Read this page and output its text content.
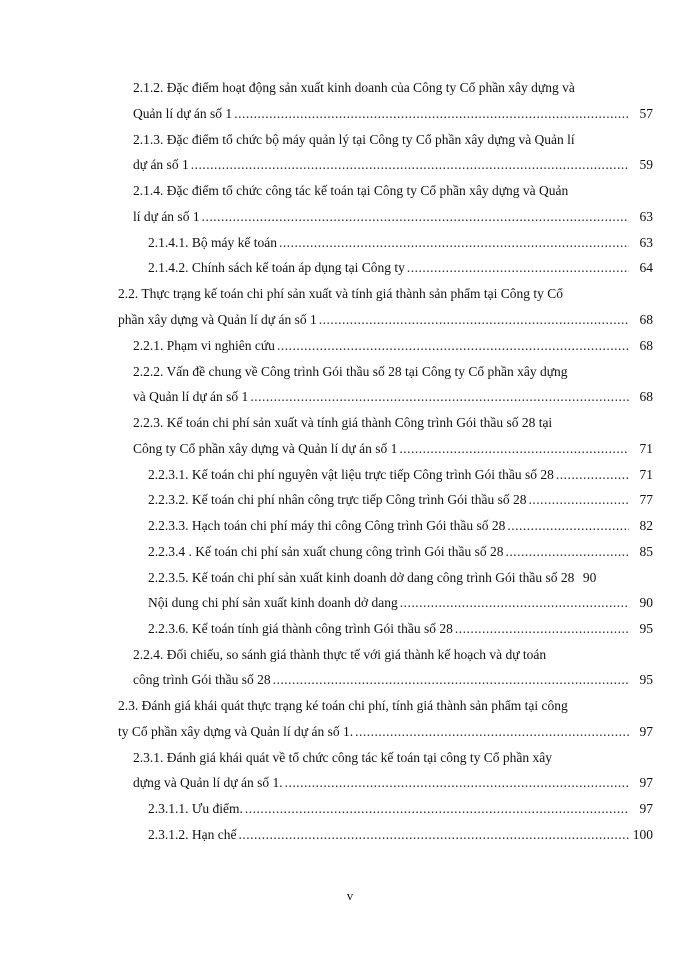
2.1.2. Đặc điểm hoạt động sản xuất kinh doanh của Công ty Cổ phần xây dựng và
Quản lí dự án số 1 .....	57
2.1.3. Đặc điểm tổ chức bộ máy quản lý tại Công ty Cổ phần xây dựng và Quản lí
dự án số 1 .....	59
2.1.4. Đặc điểm tổ chức công tác kế toán tại Công ty Cổ phần xây dựng và Quản
lí dự án số 1 .....	63
2.1.4.1. Bộ máy kế toán .....	63
2.1.4.2. Chính sách kế toán áp dụng tại Công ty .....	64
2.2. Thực trạng kế toán chi phí sản xuất và tính giá thành sản phẩm tại Công ty Cổ
phần xây dựng và Quản lí dự án số 1 .....	68
2.2.1. Phạm vi nghiên cứu .....	68
2.2.2. Vấn đề chung về Công trình Gói thầu số 28 tại Công ty Cổ phần xây dựng
và Quản lí dự án số 1 .....	68
2.2.3. Kế toán chi phí sản xuất và tính giá thành Công trình Gói thầu số 28 tại
Công ty Cổ phần xây dựng và Quản lí dự án số 1 .....	71
2.2.3.1. Kế toán chi phí nguyên vật liệu trực tiếp Công trình Gói thầu số 28 .....	71
2.2.3.2. Kế toán chi phí nhân công trực tiếp Công trình Gói thầu số 28 .....	77
2.2.3.3. Hạch toán chi phí máy thi công Công trình Gói thầu số 28 .....	82
2.2.3.4 . Kế toán chi phí sản xuất chung công trình Gói thầu số 28 .....	85
2.2.3.5. Kế toán chi phí sản xuất kinh doanh dở dang công trình Gói thầu số 28 90
Nội dung chi phí sản xuất kinh doanh dở dang .....	90
2.2.3.6. Kế toán tính giá thành công trình Gói thầu số 28 .....	95
2.2.4. Đối chiếu, so sánh giá thành thực tế với giá thành kế hoạch và dự toán
công trình Gói thầu số 28 .....	95
2.3. Đánh giá khái quát thực trạng ké toán chi phí, tính giá thành sản phẩm tại công
ty Cổ phần xây dựng và Quản lí dự án số 1. .....	97
2.3.1. Đánh giá khái quát về tổ chức công tác kế toán tại công ty Cổ phần xây
dựng và Quản lí dự án số 1. .....	97
2.3.1.1. Ưu điểm. .....	97
2.3.1.2. Hạn chế .....	100
v
